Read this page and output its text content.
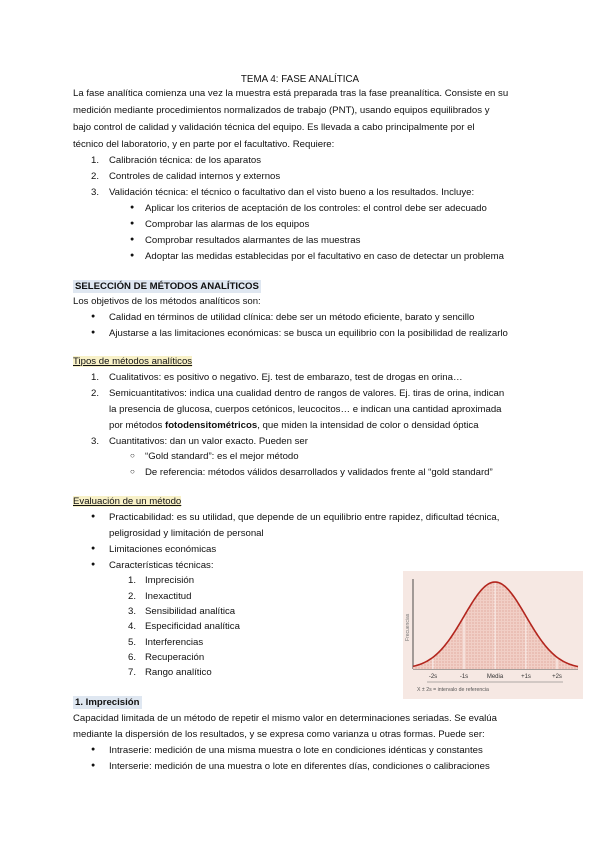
TEMA 4: FASE ANALÍTICA
La fase analítica comienza una vez la muestra está preparada tras la fase preanalítica. Consiste en su
medición mediante procedimientos normalizados de trabajo (PNT), usando equipos equilibrados y
bajo control de calidad y validación técnica del equipo. Es llevada a cabo principalmente por el
técnico del laboratorio, y en parte por el facultativo. Requiere:
1. Calibración técnica: de los aparatos
2. Controles de calidad internos y externos
3. Validación técnica: el técnico o facultativo dan el visto bueno a los resultados. Incluye:
● Aplicar los criterios de aceptación de los controles: el control debe ser adecuado
● Comprobar las alarmas de los equipos
● Comprobar resultados alarmantes de las muestras
● Adoptar las medidas establecidas por el facultativo en caso de detectar un problema
SELECCIÓN DE MÉTODOS ANALÍTICOS
Los objetivos de los métodos analíticos son:
● Calidad en términos de utilidad clínica: debe ser un método eficiente, barato y sencillo
● Ajustarse a las limitaciones económicas: se busca un equilibrio con la posibilidad de realizarlo
Tipos de métodos analíticos
1. Cualitativos: es positivo o negativo. Ej. test de embarazo, test de drogas en orina…
2. Semicuantitativos: indica una cualidad dentro de rangos de valores. Ej. tiras de orina, indican
la presencia de glucosa, cuerpos cetónicos, leucocitos… e indican una cantidad aproximada
por métodos fotodensitométricos, que miden la intensidad de color o densidad óptica
3. Cuantitativos: dan un valor exacto. Pueden ser
○ “Gold standard”: es el mejor método
○ De referencia: métodos válidos desarrollados y validados frente al “gold standard”
Evaluación de un método
● Practicabilidad: es su utilidad, que depende de un equilibrio entre rapidez, dificultad técnica,
peligrosidad y limitación de personal
● Limitaciones económicas
● Características técnicas:
1. Imprecisión
2. Inexactitud
3. Sensibilidad analítica
4. Especificidad analítica
5. Interferencias
6. Recuperación
7. Rango analítico
Frecuencias
-2s	-1s	Media	+1s	+2s
X ± 2s = intervalo de referencia
1. Imprecisión
Capacidad limitada de un método de repetir el mismo valor en determinaciones seriadas. Se evalúa
mediante la dispersión de los resultados, y se expresa como varianza u otras formas. Puede ser:
● Intraserie: medición de una misma muestra o lote en condiciones idénticas y constantes
● Interserie: medición de una muestra o lote en diferentes días, condiciones o calibraciones
